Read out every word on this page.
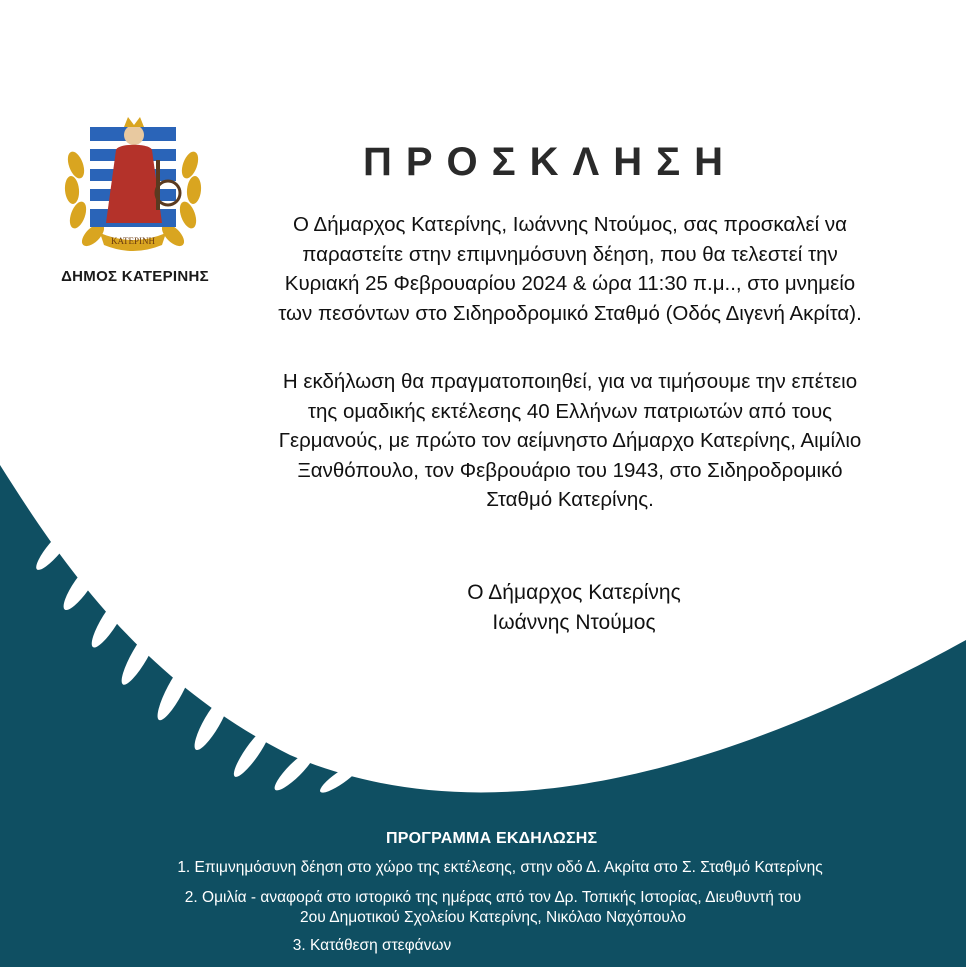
ΚΑΤΕΡΙΝΗ
ΔΗΜΟΣ ΚΑΤΕΡΙΝΗΣ
ΠΡΟΣΚΛΗΣΗ
Ο Δήμαρχος Κατερίνης, Ιωάννης Ντούμος, σας προσκαλεί να
παραστείτε στην επιμνημόσυνη δέηση, που θα τελεστεί την
Κυριακή 25 Φεβρουαρίου 2024 & ώρα 11:30 π.μ.., στο μνημείο
των πεσόντων στο Σιδηροδρομικό Σταθμό (Οδός Διγενή Ακρίτα).
Η εκδήλωση θα πραγματοποιηθεί, για να τιμήσουμε την επέτειο
της ομαδικής εκτέλεσης 40 Ελλήνων πατριωτών από τους
Γερμανούς, με πρώτο τον αείμνηστο Δήμαρχο Κατερίνης, Αιμίλιο
Ξανθόπουλο, τον Φεβρουάριο του 1943, στο Σιδηροδρομικό
Σταθμό Κατερίνης.
Ο Δήμαρχος Κατερίνης
Ιωάννης Ντούμος
ΠΡΟΓΡΑΜΜΑ ΕΚΔΗΛΩΣΗΣ
1. Επιμνημόσυνη δέηση στο χώρο της εκτέλεσης, στην οδό Δ. Ακρίτα στο Σ. Σταθμό Κατερίνης
2. Ομιλία - αναφορά στο ιστορικό της ημέρας από τον Δρ. Τοπικής Ιστορίας, Διευθυντή του
2ου Δημοτικού Σχολείου Κατερίνης, Νικόλαο Ναχόπουλο
3. Κατάθεση στεφάνων
